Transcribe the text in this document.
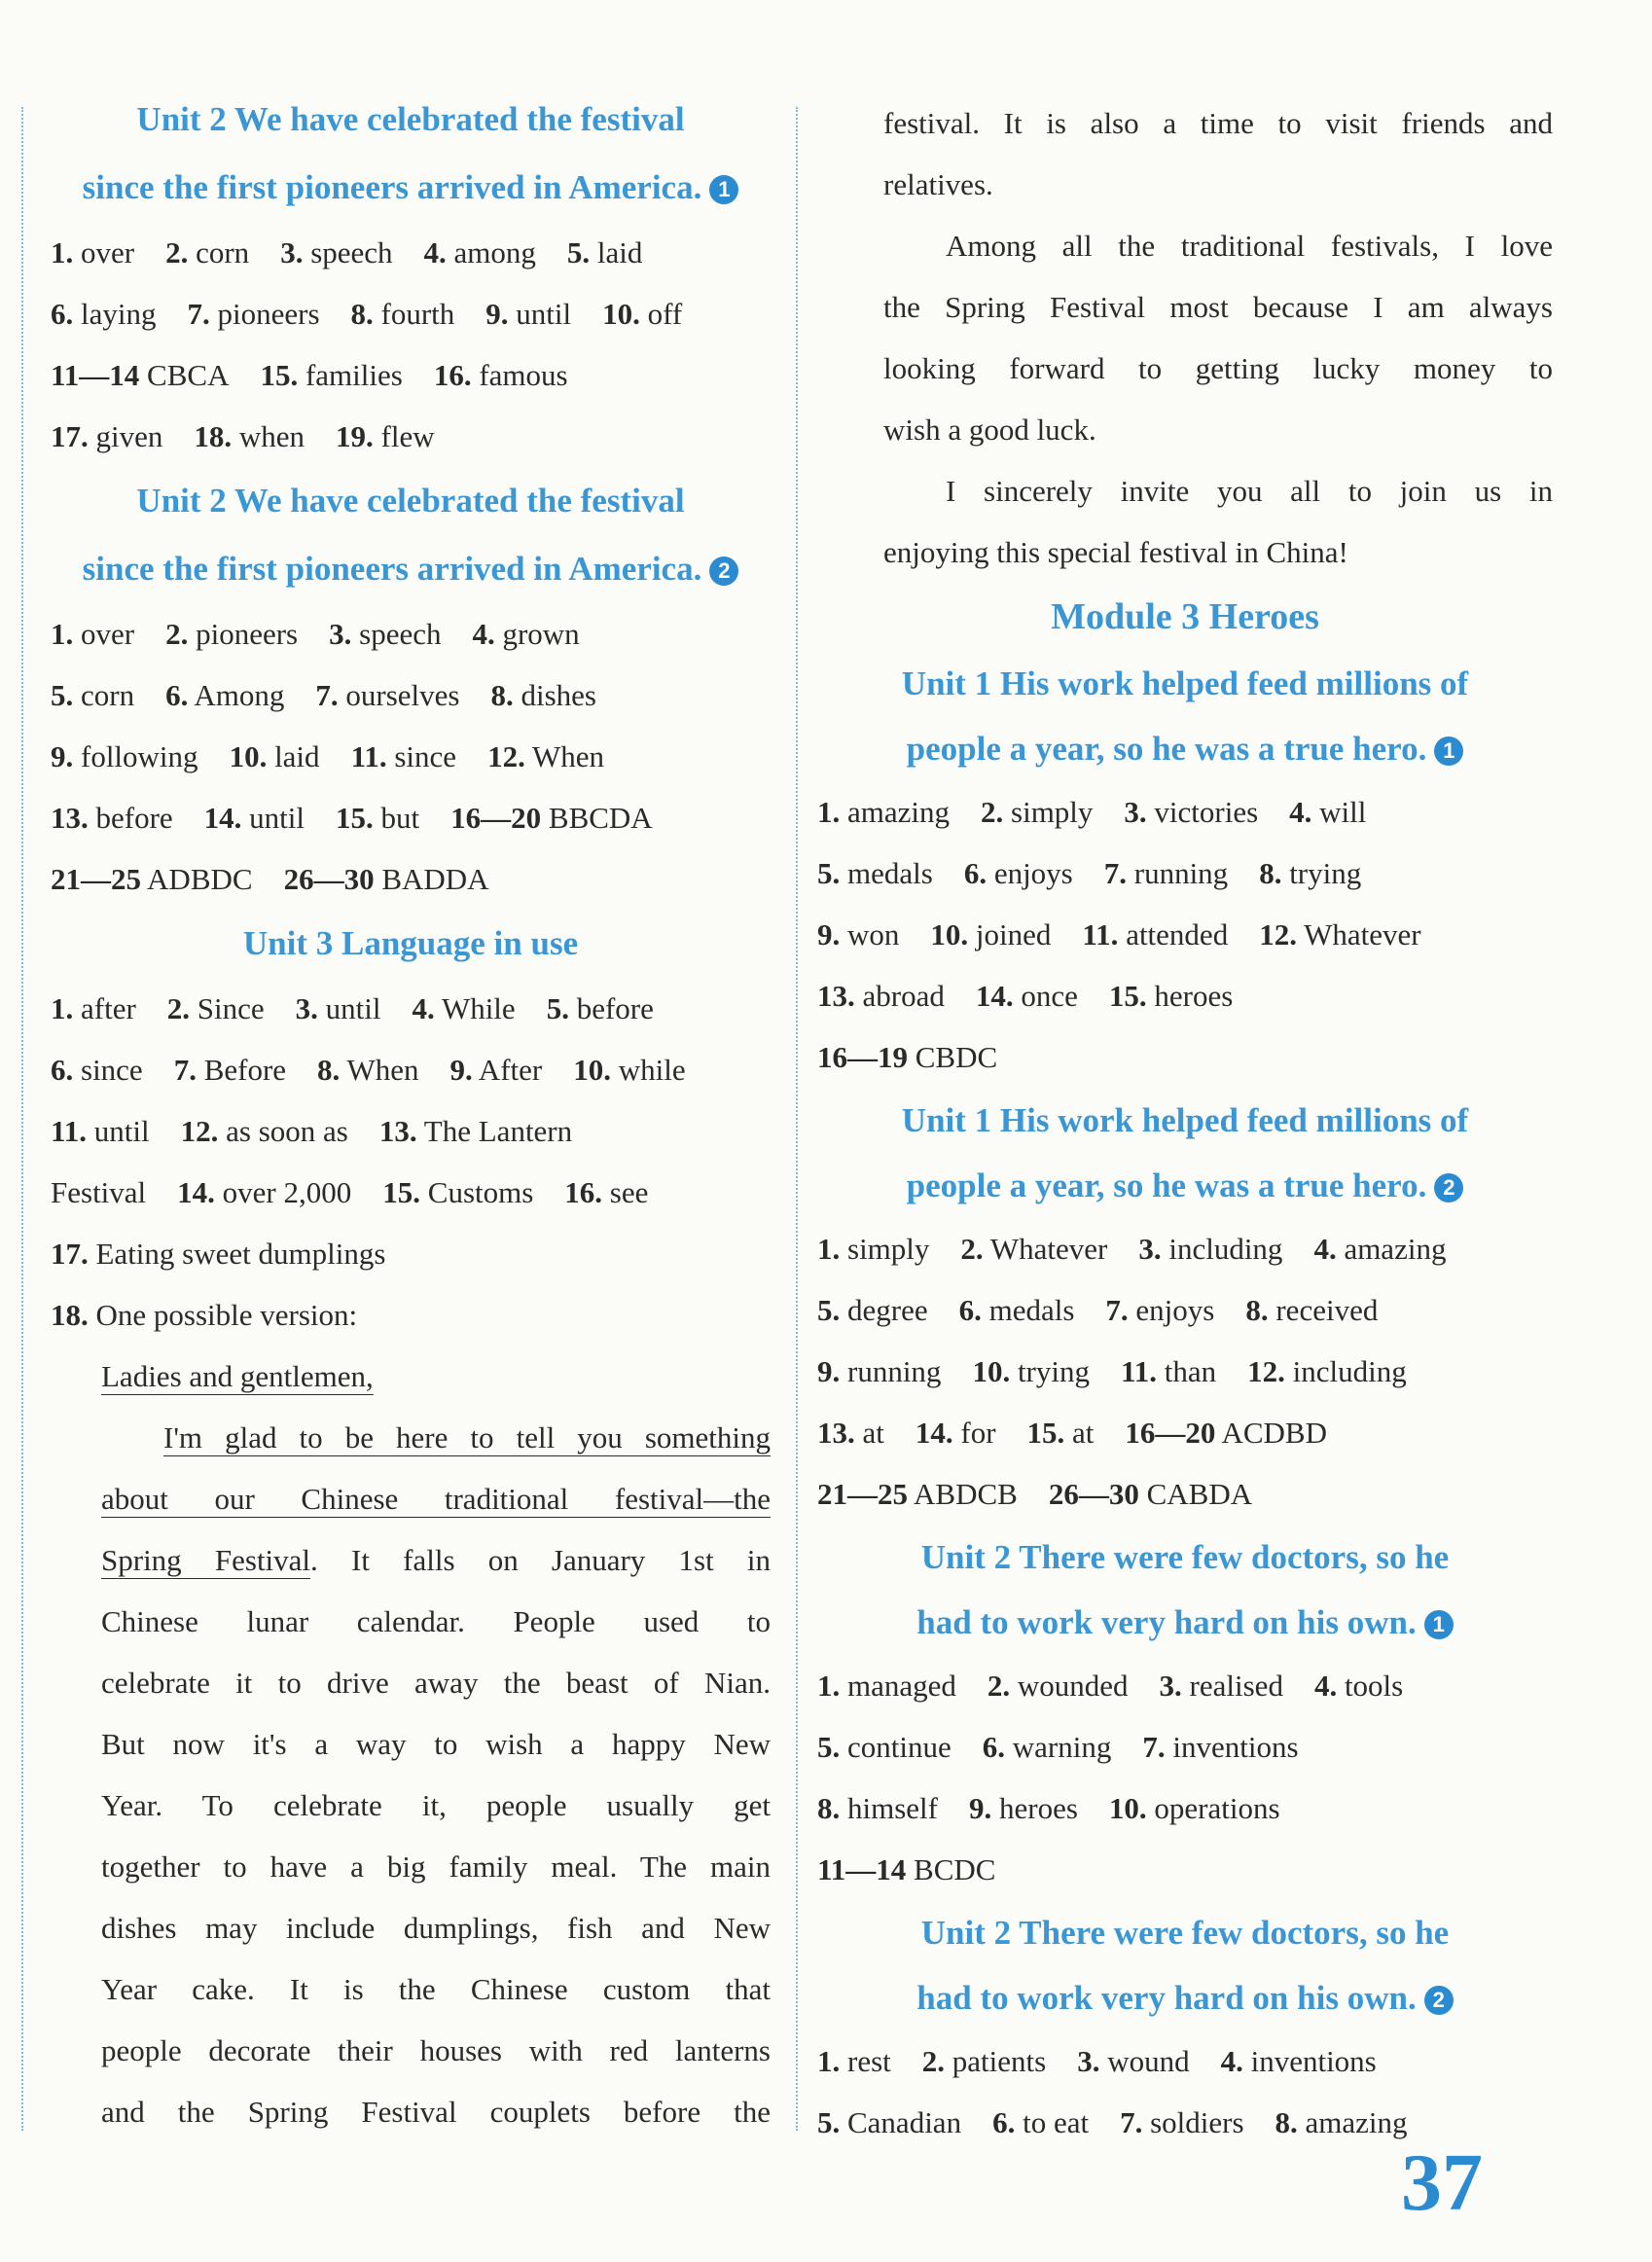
Unit 2 We have celebrated the festival
since the first pioneers arrived in America. 1
1. over 2. corn 3. speech 4. among 5. laid
6. laying 7. pioneers 8. fourth 9. until 10. off
11—14 CBCA 15. families 16. famous
17. given 18. when 19. flew
Unit 2 We have celebrated the festival
since the first pioneers arrived in America. 2
1. over 2. pioneers 3. speech 4. grown
5. corn 6. Among 7. ourselves 8. dishes
9. following 10. laid 11. since 12. When
13. before 14. until 15. but 16—20 BBCDA
21—25 ADBDC 26—30 BADDA
Unit 3 Language in use
1. after 2. Since 3. until 4. While 5. before
6. since 7. Before 8. When 9. After 10. while
11. until 12. as soon as 13. The Lantern
Festival 14. over 2,000 15. Customs 16. see
17. Eating sweet dumplings
18. One possible version:
Ladies and gentlemen,
I'm glad to be here to tell you something
about our Chinese traditional festival—the
Spring Festival. It falls on January 1st in
Chinese lunar calendar. People used to
celebrate it to drive away the beast of Nian.
But now it's a way to wish a happy New
Year. To celebrate it, people usually get
together to have a big family meal. The main
dishes may include dumplings, fish and New
Year cake. It is the Chinese custom that
people decorate their houses with red lanterns
and the Spring Festival couplets before the
festival. It is also a time to visit friends and
relatives.
Among all the traditional festivals, I love
the Spring Festival most because I am always
looking forward to getting lucky money to
wish a good luck.
I sincerely invite you all to join us in
enjoying this special festival in China!
Module 3 Heroes
Unit 1 His work helped feed millions of
people a year, so he was a true hero. 1
1. amazing 2. simply 3. victories 4. will
5. medals 6. enjoys 7. running 8. trying
9. won 10. joined 11. attended 12. Whatever
13. abroad 14. once 15. heroes
16—19 CBDC
Unit 1 His work helped feed millions of
people a year, so he was a true hero. 2
1. simply 2. Whatever 3. including 4. amazing
5. degree 6. medals 7. enjoys 8. received
9. running 10. trying 11. than 12. including
13. at 14. for 15. at 16—20 ACDBD
21—25 ABDCB 26—30 CABDA
Unit 2 There were few doctors, so he
had to work very hard on his own. 1
1. managed 2. wounded 3. realised 4. tools
5. continue 6. warning 7. inventions
8. himself 9. heroes 10. operations
11—14 BCDC
Unit 2 There were few doctors, so he
had to work very hard on his own. 2
1. rest 2. patients 3. wound 4. inventions
5. Canadian 6. to eat 7. soldiers 8. amazing
37
